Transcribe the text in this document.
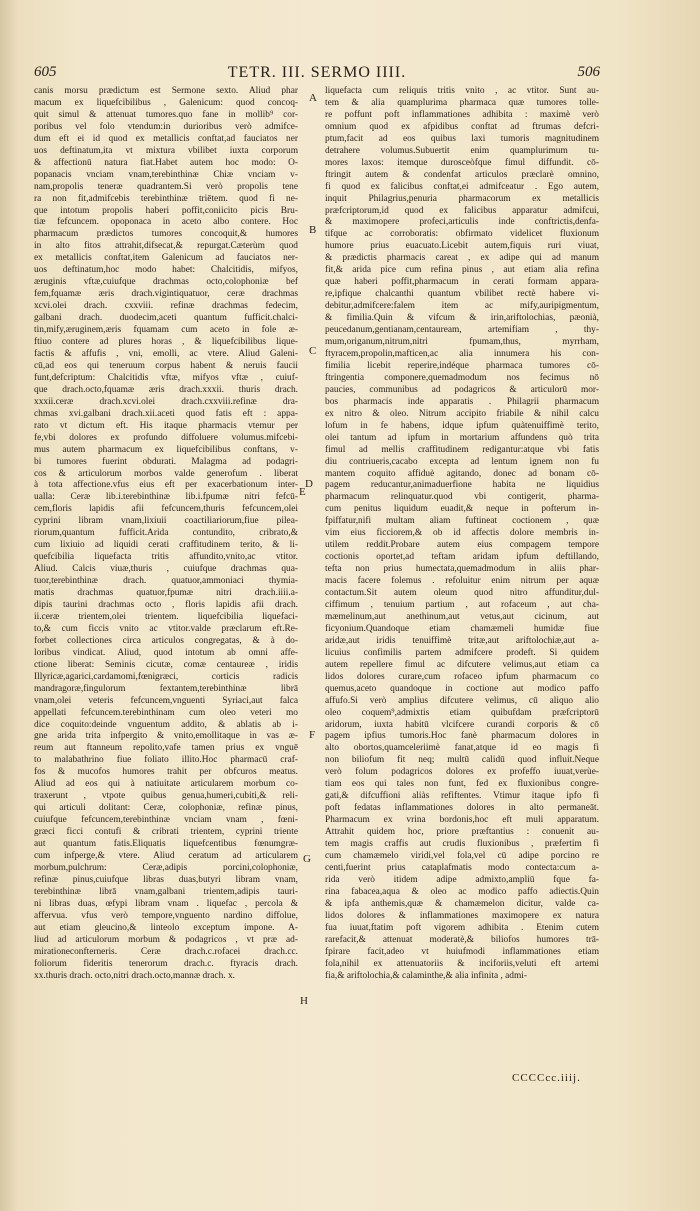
605	TETR. III. SERMO IIII.	506
canis morsu prædictum est Sermone sexto. Aliud phar
macum ex liquefcibilibus , Galenicum: quod concoq-
quit simul & attenuat tumores.quo fane in mollib⁹ cor-
poribus vel folo vtendum:in durioribus verò admifce-
dum eft ei id quod ex metallicis conftat,ad fauciatos ner
uos deftinatum,ita vt mixtura vbilibet iuxta corporum
& affectionū natura fiat.Habet autem hoc modo: O-
popanacis vnciam vnam,terebinthinæ Chiæ vnciam v-
nam,propolis teneræ quadrantem.Si verò propolis tene
ra non fit,admifcebis terebinthinæ triētem. quod fi ne-
que intotum propolis haberi poffit,coniicito picis Bru-
tiæ fefcuncem. opoponaca in aceto albo contere. Hoc
pharmacum prædictos tumores concoquit,& humores
in alto fitos attrahit,difsecat,& repurgat.Cæterùm quod
ex metallicis conftat,item Galenicum ad fauciatos ner-
uos deftinatum,hoc modo habet: Chalcitidis, mifyos,
æruginis vftæ,cuiufque drachmas octo,colophoniæ bef
fem,fquamæ æris drach.vigintiquatuor, ceræ drachmas
xcvi.olei drach. cxxviii. refinæ drachmas fedecim,
galbani drach. duodecim,aceti quantum fufficit.chalci-
tin,mify,æruginem,æris fquamam cum aceto in fole æ-
ftiuo contere ad plures horas , & liquefcibilibus lique-
factis & affufis , vni, emolli, ac vtere. Aliud Galeni-
cū,ad eos qui teneruum corpus habent & neruis faucii
funt,defcriptum: Chalcitidis vftæ, mifyos vftæ , cuiuf-
que drach.octo,fquamæ æris drach.xxxii. thuris drach.
xxxii.ceræ drach.xcvi.olei drach.cxxviii.refinæ dra-
chmas xvi.galbani drach.xii.aceti quod fatis eft : appa-
rato vt dictum eft. His itaque pharmacis vtemur per
fe,vbi dolores ex profundo diffoluere volumus.mifcebi-
mus autem pharmacum ex liquefcibilibus conftans, v-
bi tumores fuerint obdurati. Malagma ad podagri-
cos & articulorum morbos valde generofum . liberat
à tota affectione.vfus eius eft per exacerbationum inter-
ualla: Ceræ lib.i.terebinthinæ lib.i.fpumæ nitri fefcū-
cem,floris lapidis afii fefcuncem,thuris fefcuncem,olei
cyprini libram vnam,lixiuii coactiliariorum,fiue pilea-
riorum,quantum fufficit.Arida contundito, cribrato,&
cum lixiuio ad liquidi cerati craffitudinem terito, & li-
quefcibilia liquefacta tritis affundito,vnito,ac vtitor.
Aliud. Calcis viuæ,thuris , cuiufque drachmas qua-
tuor,terebinthinæ drach. quatuor,ammoniaci thymia-
matis drachmas quatuor,fpumæ nitri drach.iiii.a-
dipis taurini drachmas octo , floris lapidis afii drach.
ii.ceræ trientem,olei trientem. liquefcibilia liquefaci-
to,& cum ficcis vnito ac vtitor.valde præclarum eft.Re-
forbet collectiones circa articulos congregatas, & à do-
loribus vindicat. Aliud, quod intotum ab omni affe-
ctione liberat: Seminis cicutæ, comæ centaureæ , iridis
Illyricæ,agarici,cardamomi,fœnigræci, corticis radicis
mandragoræ,fingulorum fextantem,terebinthinæ librā
vnam,olei veteris fefcuncem,vnguenti Syriaci,aut falca
appellati fefcuncem.terebinthinam cum oleo veteri mo
dice coquito:deinde vnguentum addito, & ablatis ab i-
gne arida trita infpergito & vnito,emollitaque in vas æ-
reum aut ftanneum repolito,vafe tamen prius ex vnguē
to malabathrino fiue foliato illito.Hoc pharmacū craf-
fos & mucofos humores trahit per obfcuros meatus.
Aliud ad eos qui à natiuitate articularem morbum co-
traxerunt , vtpote quibus genua,humeri,cubiti,& reli-
qui articuli dolitant: Ceræ, colophoniæ, refinæ pinus,
cuiufque fefcuncem,terebinthinæ vnciam vnam , fœni-
græci ficci contufi & cribrati trientem, cyprini triente
aut quantum fatis.Eliquatis liquefcentibus fœnumgræ-
cum infperge,& vtere. Aliud ceratum ad articularem
morbum,pulchrum: Ceræ,adipis porcini,colophoniæ,
refinæ pinus,cuiufque libras duas,butyri libram vnam,
terebinthinæ librā vnam,galbani trientem,adipis tauri-
ni libras duas, œfypi libram vnam . liquefac , percola &
affervua. vfus verò tempore,vnguento nardino diffolue,
aut etiam gleucino,& linteolo exceptum impone. A-
liud ad articulorum morbum & podagricos , vt præ ad-
mirationeconfterneris. Ceræ drach.c.rofacei drach.cc.
foliorum fideritis tenerorum drach.c. ftyracis drach.
xx.thuris drach. octo,nitri drach.octo,mannæ drach. x.
liquefacta cum reliquis tritis vnito , ac vtitor. Sunt au-
tem & alia quamplurima pharmaca quæ tumores tolle-
re poffunt poft inflammationes adhibita : maximè verò
omnium quod ex afpidibus conftat ad ftrumas defcri-
ptum,facit ad eos quibus laxi tumoris magnitudinem
detrahere volumus.Subuertit enim quamplurimum tu-
mores laxos: itemque durosceòfque fimul diffundit. cō-
ftringit autem & condenfat articulos præclarè omnino,
fi quod ex falicibus conftat,ei admifceatur . Ego autem,
inquit Philagrius,penuria pharmacorum ex metallicis
præfcriptorum,id quod ex falicibus apparatur admifcui,
& maximopere profeci,articulis inde conftrictis,denfa-
tifque ac corroboratis: obfirmato videlicet fluxionum
humore prius euacuato.Licebit autem,fiquis ruri viuat,
& prædictis pharmacis careat , ex adipe qui ad manum
fit,& arida pice cum refina pinus , aut etiam alia refina
quæ haberi poffit,pharmacum in cerati formam appara-
re,ipfique chalcanthi quantum vbilibet rectè habere vi-
debitur,admifcere:falem item ac mify,auripigmentum,
& fimilia.Quin & vifcum & irin,ariftolochias, pæonià,
peucedanum,gentianam,centauream, artemifiam , thy-
mum,origanum,nitrum,nitri fpumam,thus, myrrham,
ftyracem,propolin,mafticen,ac alia innumera his con-
fimilia licebit reperire,indéque pharmaca tumores cō-
ftringentia componere,quemadmodum nos fecimus nō
paucies, communibus ad podagricos & articulorū mor-
bos pharmacis inde apparatis . Philagrii pharmacum
ex nitro & oleo. Nitrum accipito friabile & nihil calcu
lofum in fe habens, idque ipfum quàtenuiffimè terito,
olei tantum ad ipfum in mortarium affundens quò trita
fimul ad mellis craffitudinem redigantur:atque vbi fatis
diu contriueris,cacabo excepta ad lentum ignem non fu
mantem coquito affiduè agitando, donec ad bonam cō-
pagem reducantur,animaduerfione habita ne liquidius
pharmacum relinquatur.quod vbi contigerit, pharma-
cum penitus liquidum euadit,& neque in pofterum in-
fpiffatur,nifi multam aliam fuftineat coctionem , quæ
vim eius ficciorem,& ob id affectis dolore membris in-
utilem reddit.Probare autem eius compagem tempore
coctionis oportet,ad teftam aridam ipfum deftillando,
tefta non prius humectata,quemadmodum in aliis phar-
macis facere folemus . refoluitur enim nitrum per aquæ
contactum.Sit autem oleum quod nitro affunditur,dul-
ciffimum , tenuium partium , aut rofaceum , aut cha-
mæmelinum,aut anethinum,aut vetus,aut cicinum, aut
ficyonium.Quandoque etiam chamæmeli humidæ fiue
aridæ,aut iridis tenuiffimè tritæ,aut ariftolochiæ,aut a-
licuius confimilis partem admifcere prodeft. Si quidem
autem repellere fimul ac difcutere velimus,aut etiam ca
lidos dolores curare,cum rofaceo ipfum pharmacum co
quemus,aceto quandoque in coctione aut modico paffo
affufo.Si verò amplius difcutere velimus, cū aliquo alio
oleo coquem⁹,admixtis etiam quibufdam præfcriptorū
aridorum, iuxta habitū vlcifcere curandi corporis & cō
pagem ipfius tumoris.Hoc fanè pharmacum dolores in
alto obortos,quamceleriimè fanat,atque id eo magis fi
non biliofum fit neq; multū calidū quod influit.Neque
verò folum podagricos dolores ex profeffo iuuat,verùe-
tiam eos qui tales non funt, fed ex fluxionibus congre-
gati,& difcuffioni aliàs refiftentes. Vtimur itaque ipfo fi
poft fedatas inflammationes dolores in alto permaneāt.
Pharmacum ex vrina bordonis,hoc eft muli apparatum.
Attrahit quidem hoc, priore præftantius : conuenit au-
tem magis craffis aut crudis fluxionibus , præfertim fi
cum chamæmelo viridi,vel fola,vel cū adipe porcino re
centi,fuerint prius cataplafmatis modo contecta:cum a-
rida verò itidem adipe admixto,ampliū fque fa-
rina fabacea,aqua & oleo ac modico paffo adiectis.Quin
& ipfa anthemis,quæ & chamæmelon dicitur, valde ca-
lidos dolores & inflammationes maximopere ex natura
fua iuuat,ftatim poft vigorem adhibita . Etenim cutem
rarefacit,& attenuat moderatè,& biliofos humores trā-
fpirare facit,adeo vt huiufmodi inflammationes etiam
fola,nihil ex attenuatoriis & inciforiis,veluti eft artemi
fia,& ariftolochia,& calaminthe,& alia infinita , admi-
A
B
C
D
E
F
G
H
CCCCcc.iiij.
